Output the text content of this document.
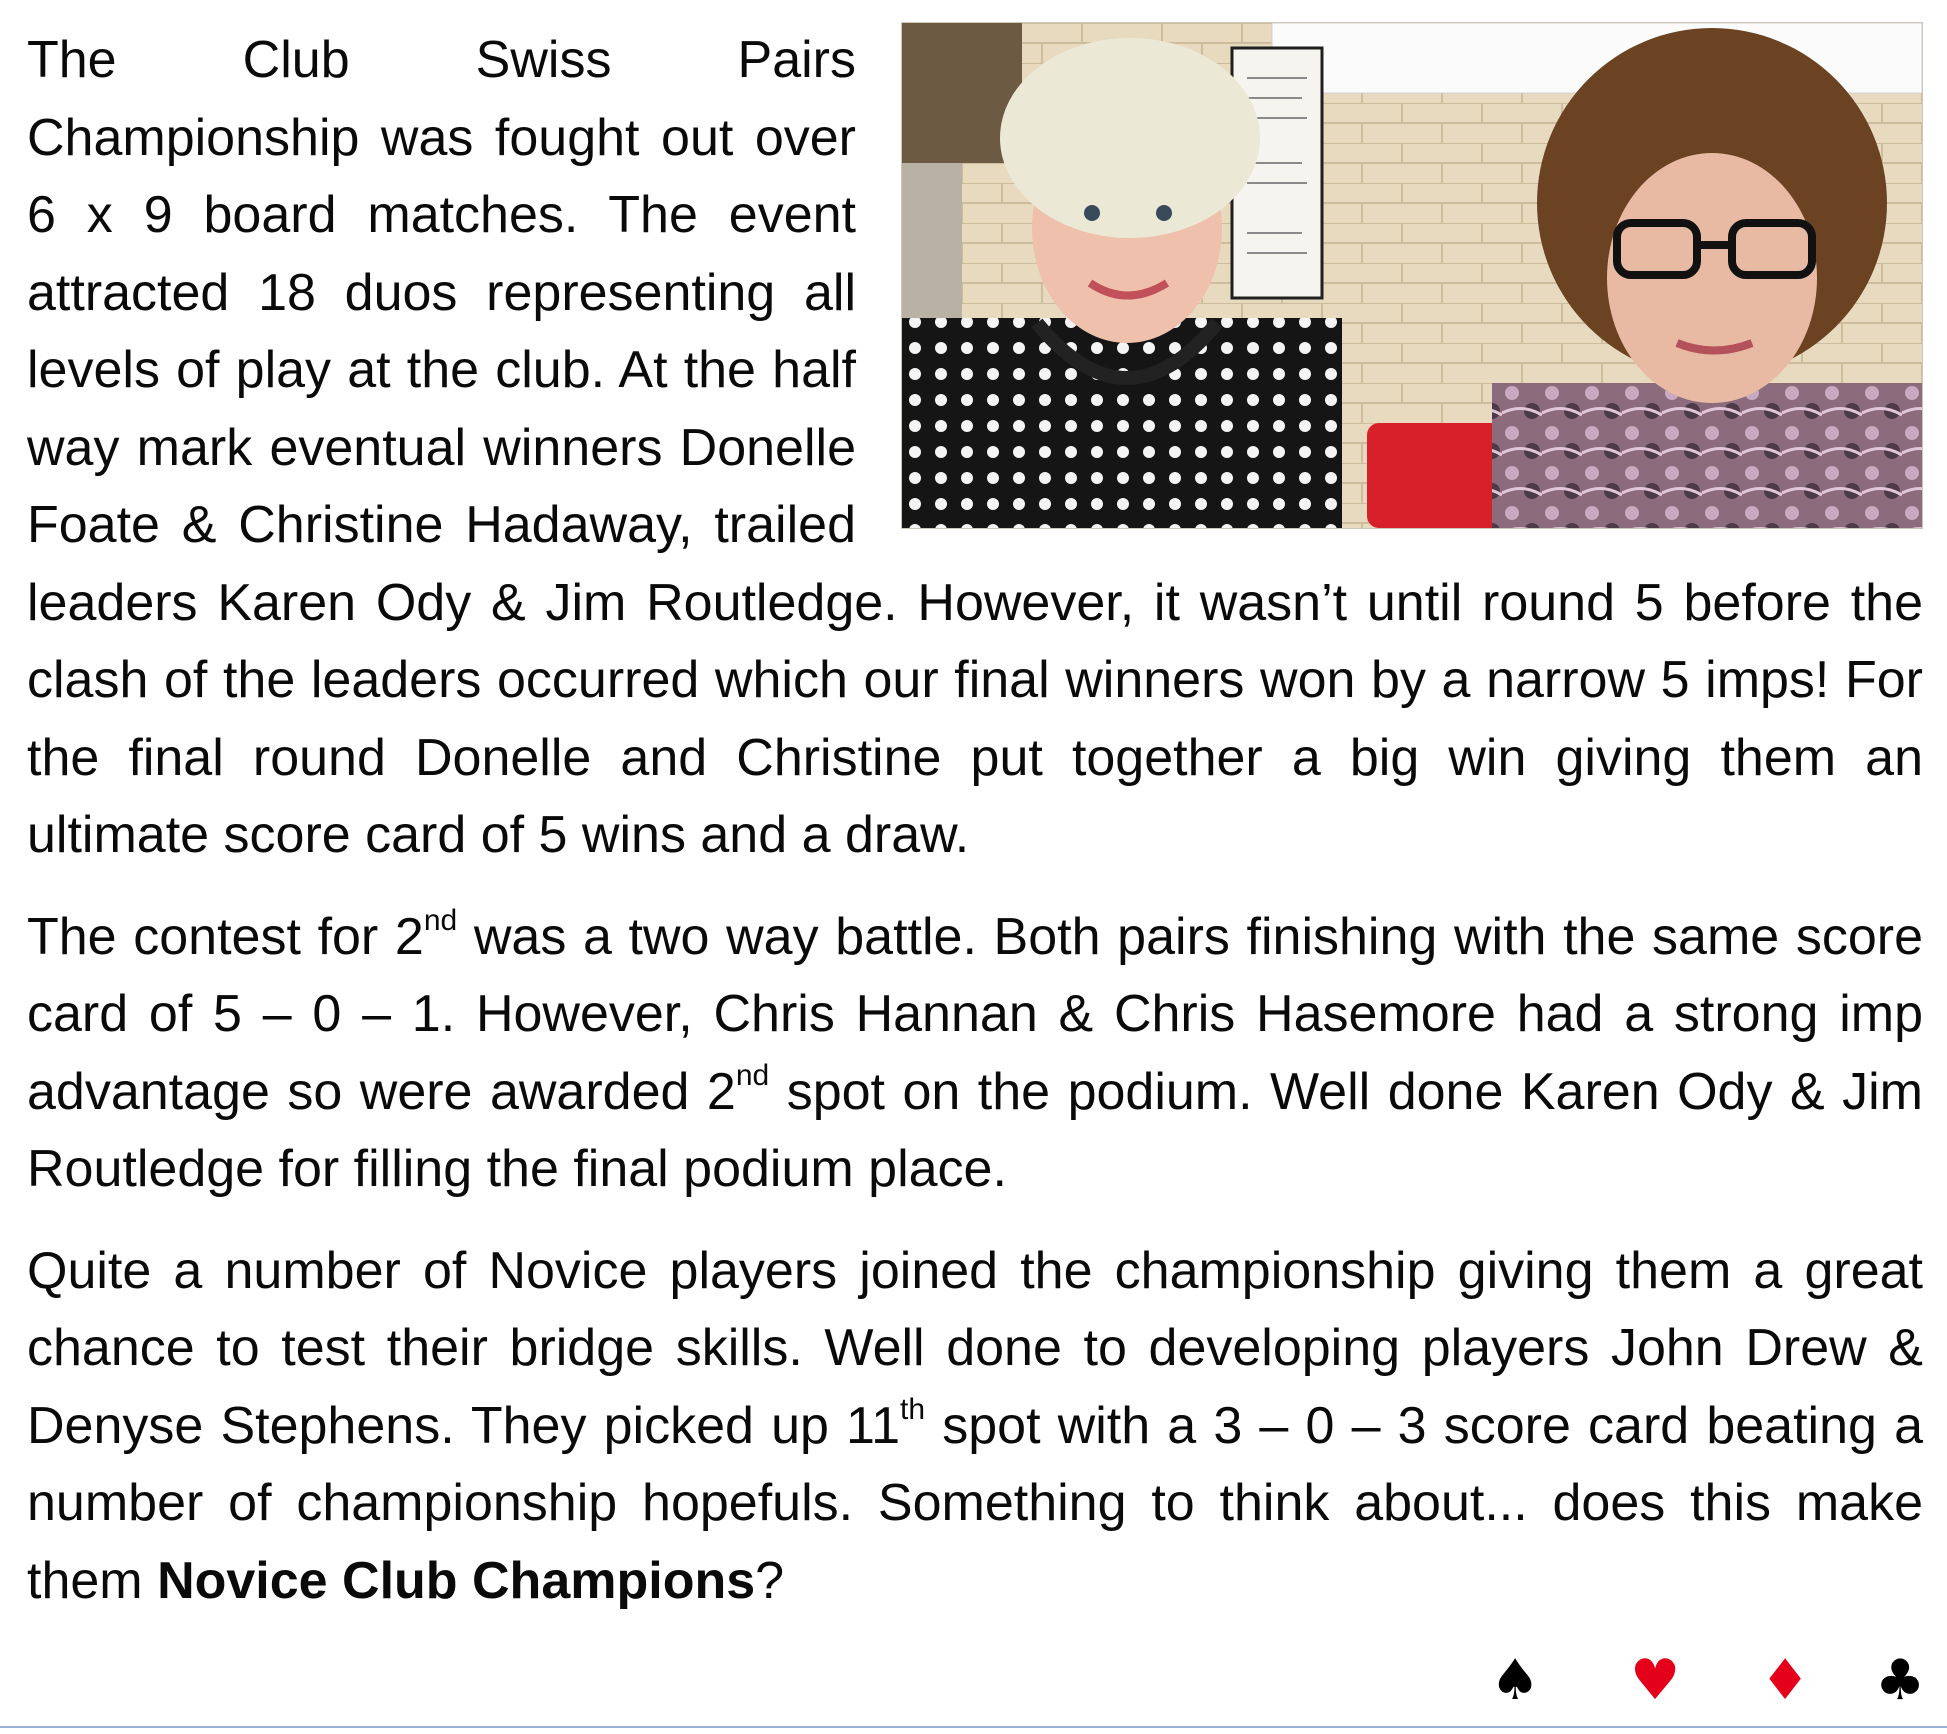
The Club Swiss Pairs Championship was fought out over 6 x 9 board matches. The event attracted 18 duos representing all levels of play at the club. At the half way mark eventual winners Donelle Foate & Christine Hadaway, trailed leaders Karen Ody & Jim Routledge. However, it wasn’t until round 5 before the clash of the leaders occurred which our final winners won by a narrow 5 imps! For the final round Donelle and Christine put together a big win giving them an ultimate score card of 5 wins and a draw.

The contest for 2nd was a two way battle. Both pairs finishing with the same score card of 5 – 0 – 1. However, Chris Hannan & Chris Hasemore had a strong imp advantage so were awarded 2nd spot on the podium. Well done Karen Ody & Jim Routledge for filling the final podium place.

Quite a number of Novice players joined the championship giving them a great chance to test their bridge skills. Well done to developing players John Drew & Denyse Stephens. They picked up 11th spot with a 3 – 0 – 3 score card beating a number of championship hopefuls. Something to think about... does this make them Novice Club Champions?

♠ ♥ ♦ ♣
